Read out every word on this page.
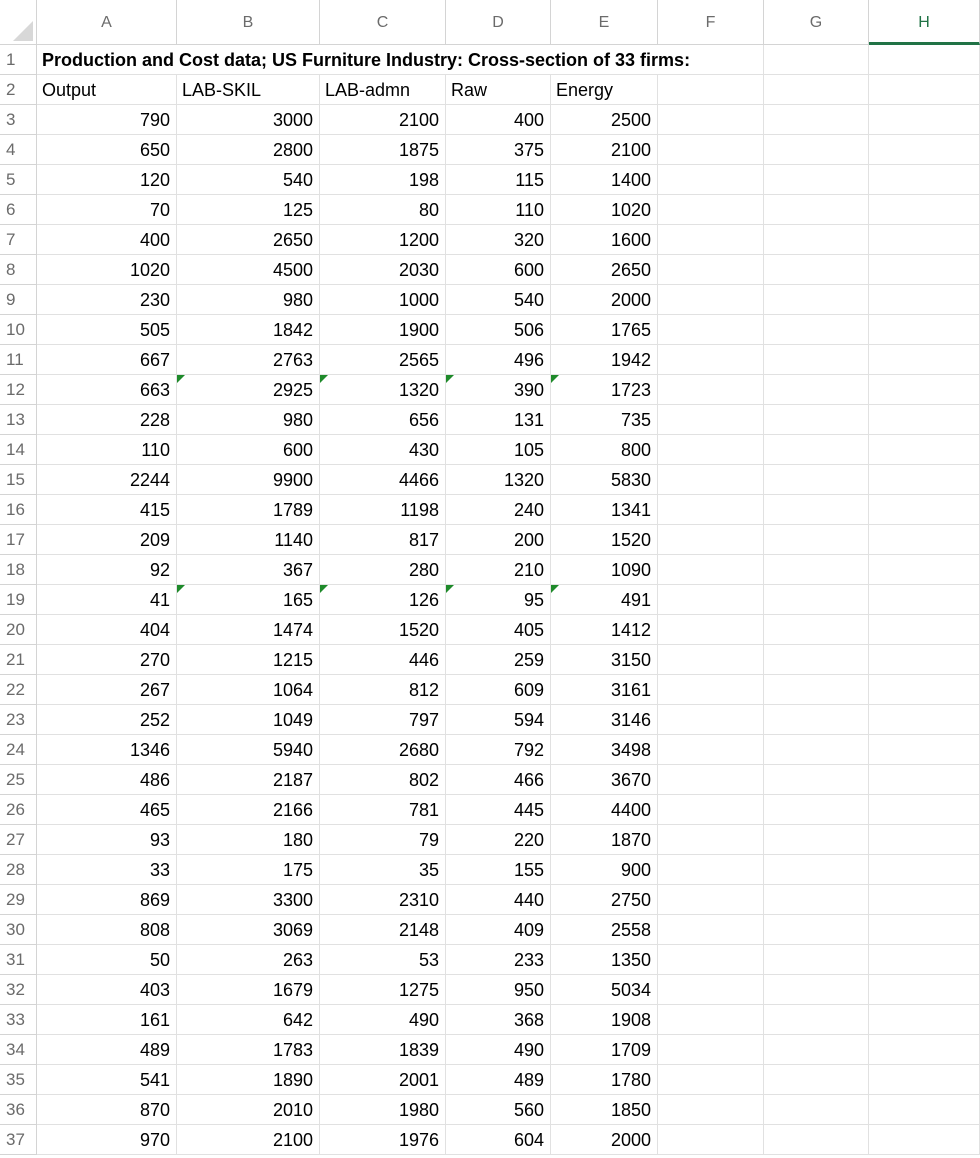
A	B	C	D	E	F	G	H
1	Production and Cost data; US Furniture Industry: Cross-section of 33 firms:
2	Output	LAB-SKIL	LAB-admn	Raw	Energy
3	790	3000	2100	400	2500
4	650	2800	1875	375	2100
5	120	540	198	115	1400
6	70	125	80	110	1020
7	400	2650	1200	320	1600
8	1020	4500	2030	600	2650
9	230	980	1000	540	2000
10	505	1842	1900	506	1765
11	667	2763	2565	496	1942
12	663	2925	1320	390	1723
13	228	980	656	131	735
14	110	600	430	105	800
15	2244	9900	4466	1320	5830
16	415	1789	1198	240	1341
17	209	1140	817	200	1520
18	92	367	280	210	1090
19	41	165	126	95	491
20	404	1474	1520	405	1412
21	270	1215	446	259	3150
22	267	1064	812	609	3161
23	252	1049	797	594	3146
24	1346	5940	2680	792	3498
25	486	2187	802	466	3670
26	465	2166	781	445	4400
27	93	180	79	220	1870
28	33	175	35	155	900
29	869	3300	2310	440	2750
30	808	3069	2148	409	2558
31	50	263	53	233	1350
32	403	1679	1275	950	5034
33	161	642	490	368	1908
34	489	1783	1839	490	1709
35	541	1890	2001	489	1780
36	870	2010	1980	560	1850
37	970	2100	1976	604	2000
